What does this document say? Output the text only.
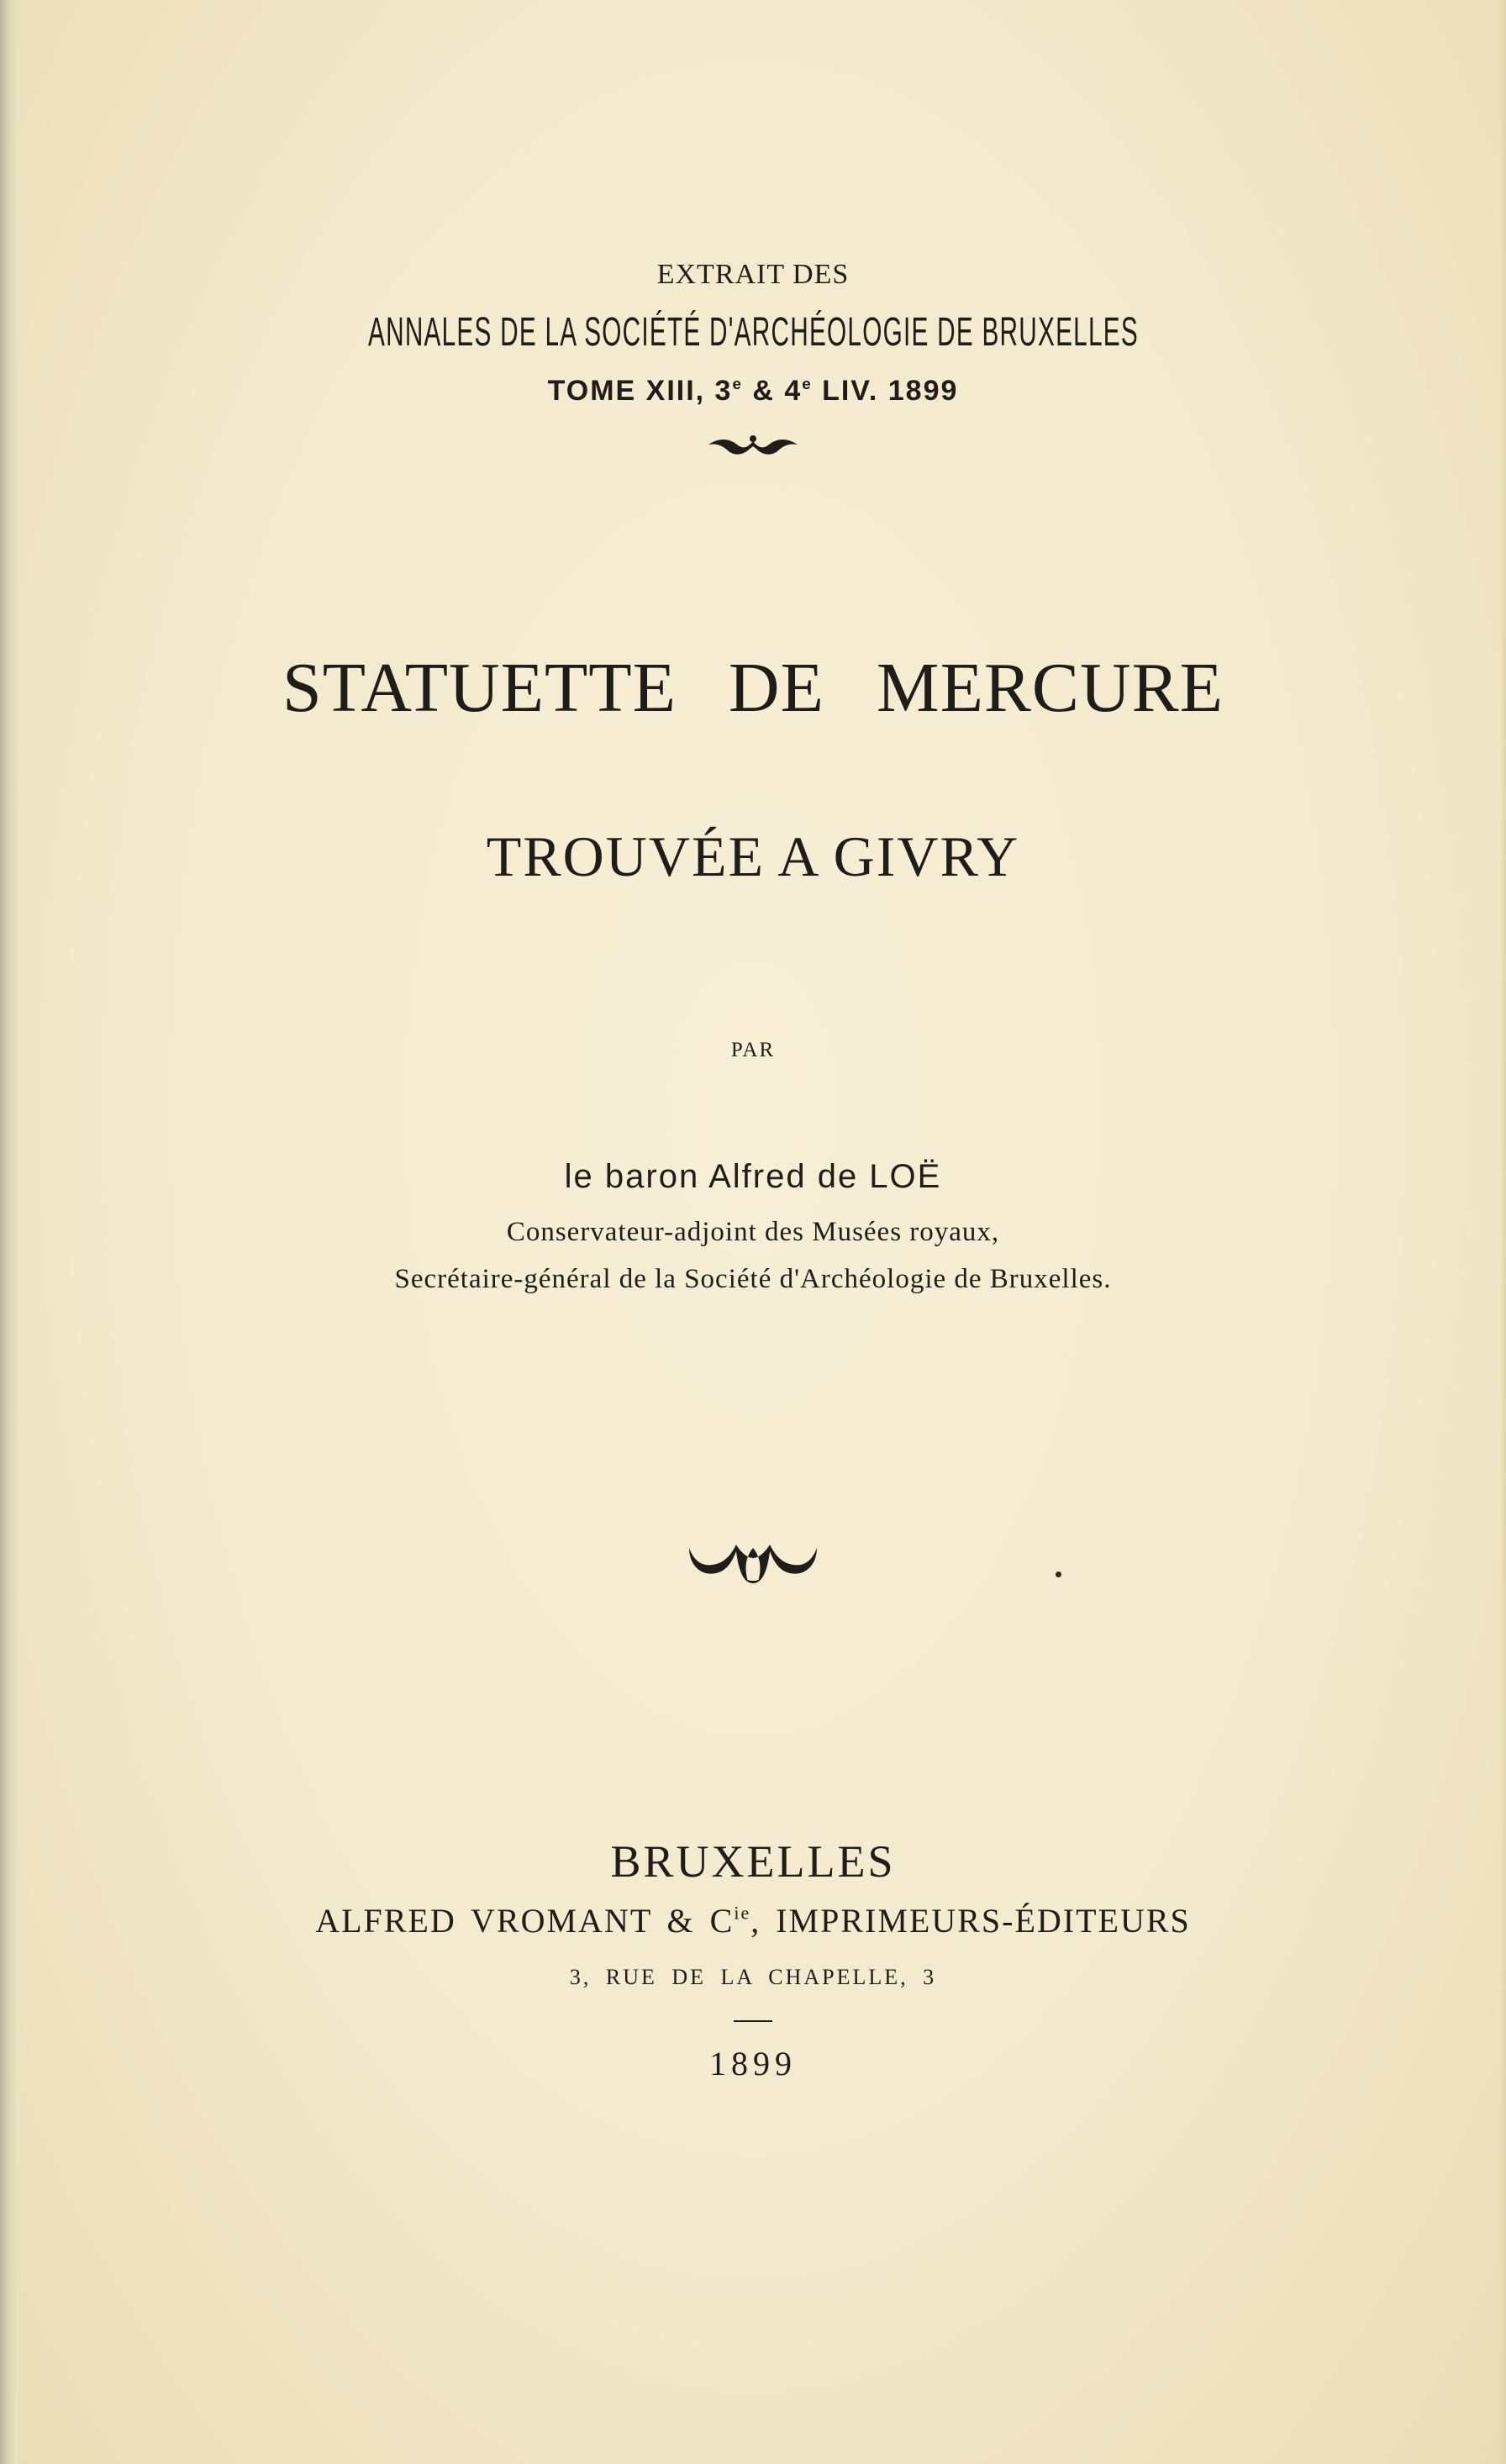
EXTRAIT DES
ANNALES DE LA SOCIÉTÉ D'ARCHÉOLOGIE DE BRUXELLES
TOME XIII, 3e & 4e LIV. 1899
STATUETTE DE MERCURE
TROUVÉE A GIVRY
PAR
le baron Alfred de LOË
Conservateur-adjoint des Musées royaux,
Secrétaire-général de la Société d'Archéologie de Bruxelles.
BRUXELLES
ALFRED VROMANT & $C^{ie}$, IMPRIMEURS-ÉDITEURS
3, RUE DE LA CHAPELLE, 3
1899
